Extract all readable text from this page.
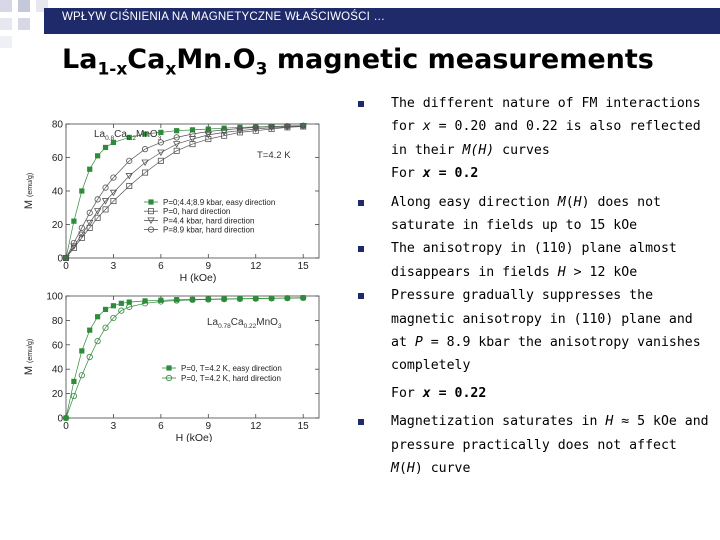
WPŁYW CIŚNIENIA NA MAGNETYCZNE WŁAŚCIWOŚCI …
$La_{1-x}Ca_xMn.O_3$ magnetic measurements

The different nature of FM interactions for x = 0.20 and 0.22 is also reflected in their M(H) curves

For x = 0.2

Along easy direction M(H) does not saturate in fields up to 15 kOe

The anisotropy in (110) plane almost disappears in fields H > 12 kOe

Pressure gradually suppresses the magnetic anisotropy in (110) plane and at P = 8.9 kbar the anisotropy vanishes completely

For x = 0.22

Magnetization saturates in H ≈ 5 kOe and pressure practically does not affect M(H) curve

0	3	6	9	12	15
0
20
40
60
80
H (kOe)
M (emu/g)
P=0;4.4;8.9 kbar, easy direction
P=0, hard direction
P=4.4 kbar, hard direction
P=8.9 kbar, hard direction
$La_{0.8}Ca_{0.2}MnO_3$
T=4.2 K
0	3	6	9	12	15
0
20
40
60
80
100
H (kOe)
M (emu/g)
P=0, T=4.2 K, easy direction
P=0, T=4.2 K, hard direction
$La_{0.78}Ca_{0.22}MnO_3$
